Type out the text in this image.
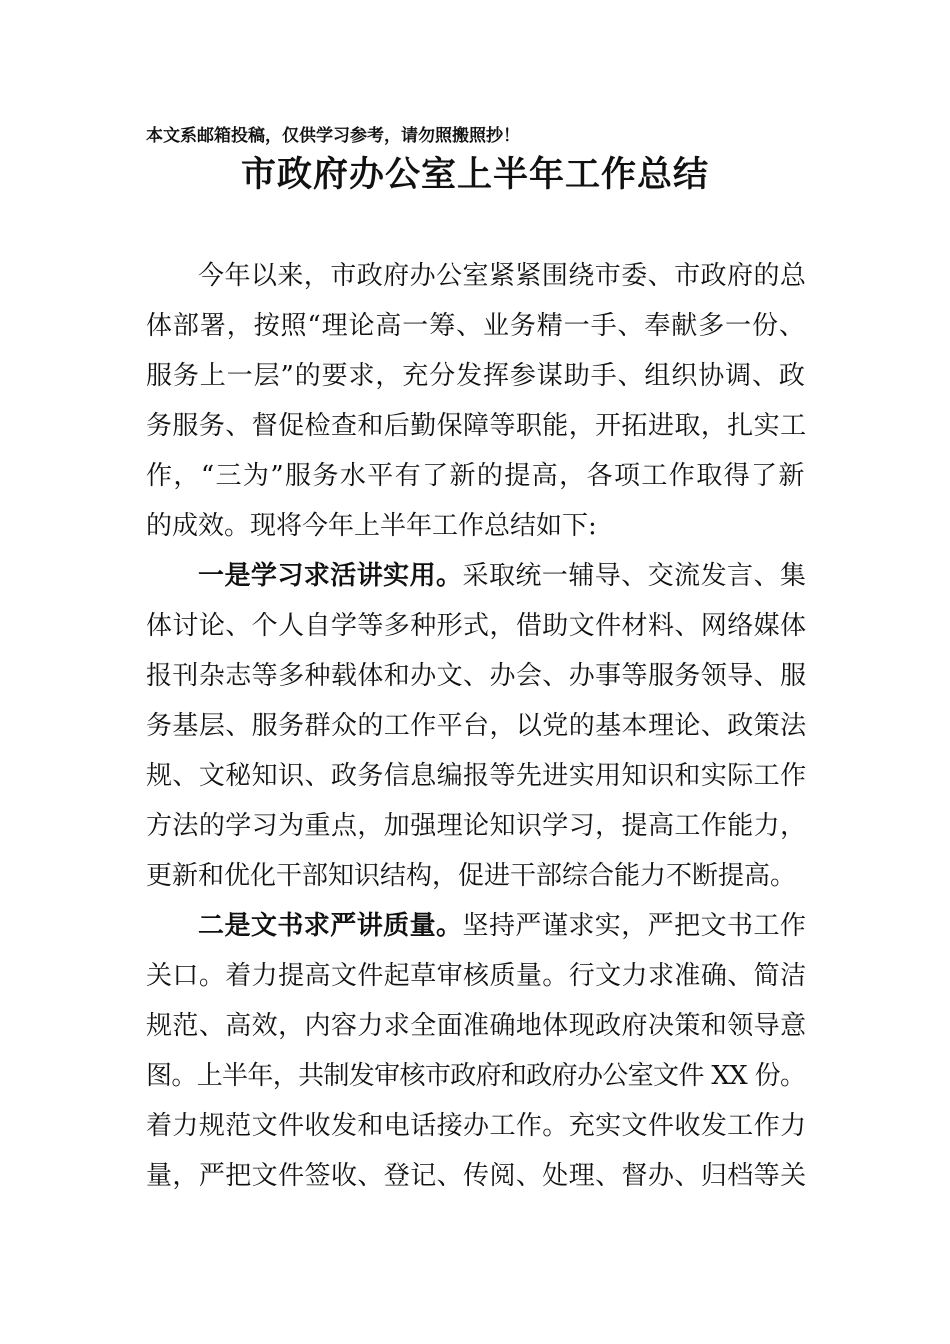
本文系邮箱投稿，仅供学习参考，请勿照搬照抄！
市政府办公室上半年工作总结
今年以来，市政府办公室紧紧围绕市委、市政府的总
体部署，按照“理论高一筹、业务精一手、奉献多一份、
服务上一层”的要求，充分发挥参谋助手、组织协调、政
务服务、督促检查和后勤保障等职能，开拓进取，扎实工
作，“三为”服务水平有了新的提高，各项工作取得了新
的成效。现将今年上半年工作总结如下:
一是学习求活讲实用。采取统一辅导、交流发言、集
体讨论、个人自学等多种形式，借助文件材料、网络媒体
报刊杂志等多种载体和办文、办会、办事等服务领导、服
务基层、服务群众的工作平台，以党的基本理论、政策法
规、文秘知识、政务信息编报等先进实用知识和实际工作
方法的学习为重点，加强理论知识学习，提高工作能力，
更新和优化干部知识结构，促进干部综合能力不断提高。
二是文书求严讲质量。坚持严谨求实，严把文书工作
关口。着力提高文件起草审核质量。行文力求准确、简洁
规范、高效，内容力求全面准确地体现政府决策和领导意
图。上半年，共制发审核市政府和政府办公室文件 XX 份。
着力规范文件收发和电话接办工作。充实文件收发工作力
量，严把文件签收、登记、传阅、处理、督办、归档等关
